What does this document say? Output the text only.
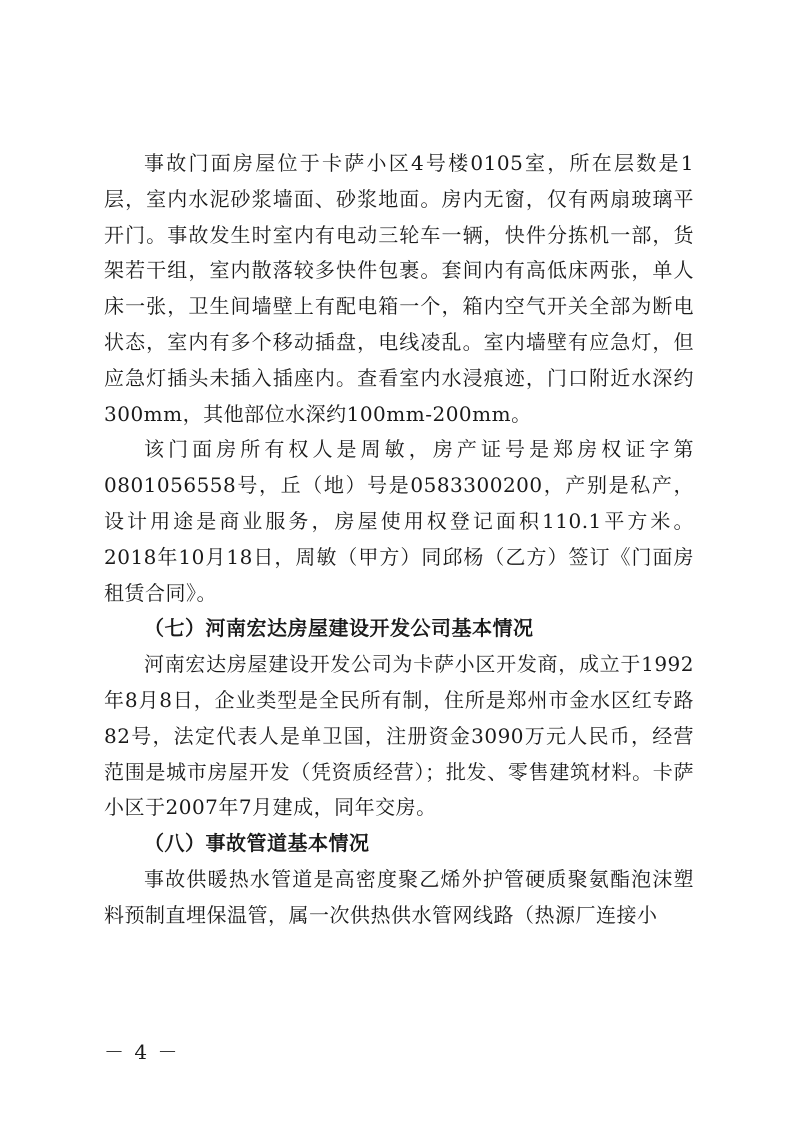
事故门面房屋位于卡萨小区4号楼0105室，所在层数是1层，室内水泥砂浆墙面、砂浆地面。房内无窗，仅有两扇玻璃平开门。事故发生时室内有电动三轮车一辆，快件分拣机一部，货架若干组，室内散落较多快件包裹。套间内有高低床两张，单人床一张，卫生间墙壁上有配电箱一个，箱内空气开关全部为断电状态，室内有多个移动插盘，电线凌乱。室内墙壁有应急灯，但应急灯插头未插入插座内。查看室内水浸痕迹，门口附近水深约300mm，其他部位水深约100mm-200mm。

该门面房所有权人是周敏，房产证号是郑房权证字第0801056558号，丘（地）号是0583300200，产别是私产，设计用途是商业服务，房屋使用权登记面积110.1平方米。 2018年10月18日，周敏（甲方）同邱杨（乙方）签订《门面房租赁合同》。

（七）河南宏达房屋建设开发公司基本情况

河南宏达房屋建设开发公司为卡萨小区开发商，成立于1992年8月8日，企业类型是全民所有制，住所是郑州市金水区红专路82号，法定代表人是单卫国，注册资金3090万元人民币，经营范围是城市房屋开发（凭资质经营）；批发、零售建筑材料。卡萨小区于2007年7月建成，同年交房。

（八）事故管道基本情况

事故供暖热水管道是高密度聚乙烯外护管硬质聚氨酯泡沫塑料预制直埋保温管，属一次供热供水管网线路（热源厂连接小

－ 4 －
